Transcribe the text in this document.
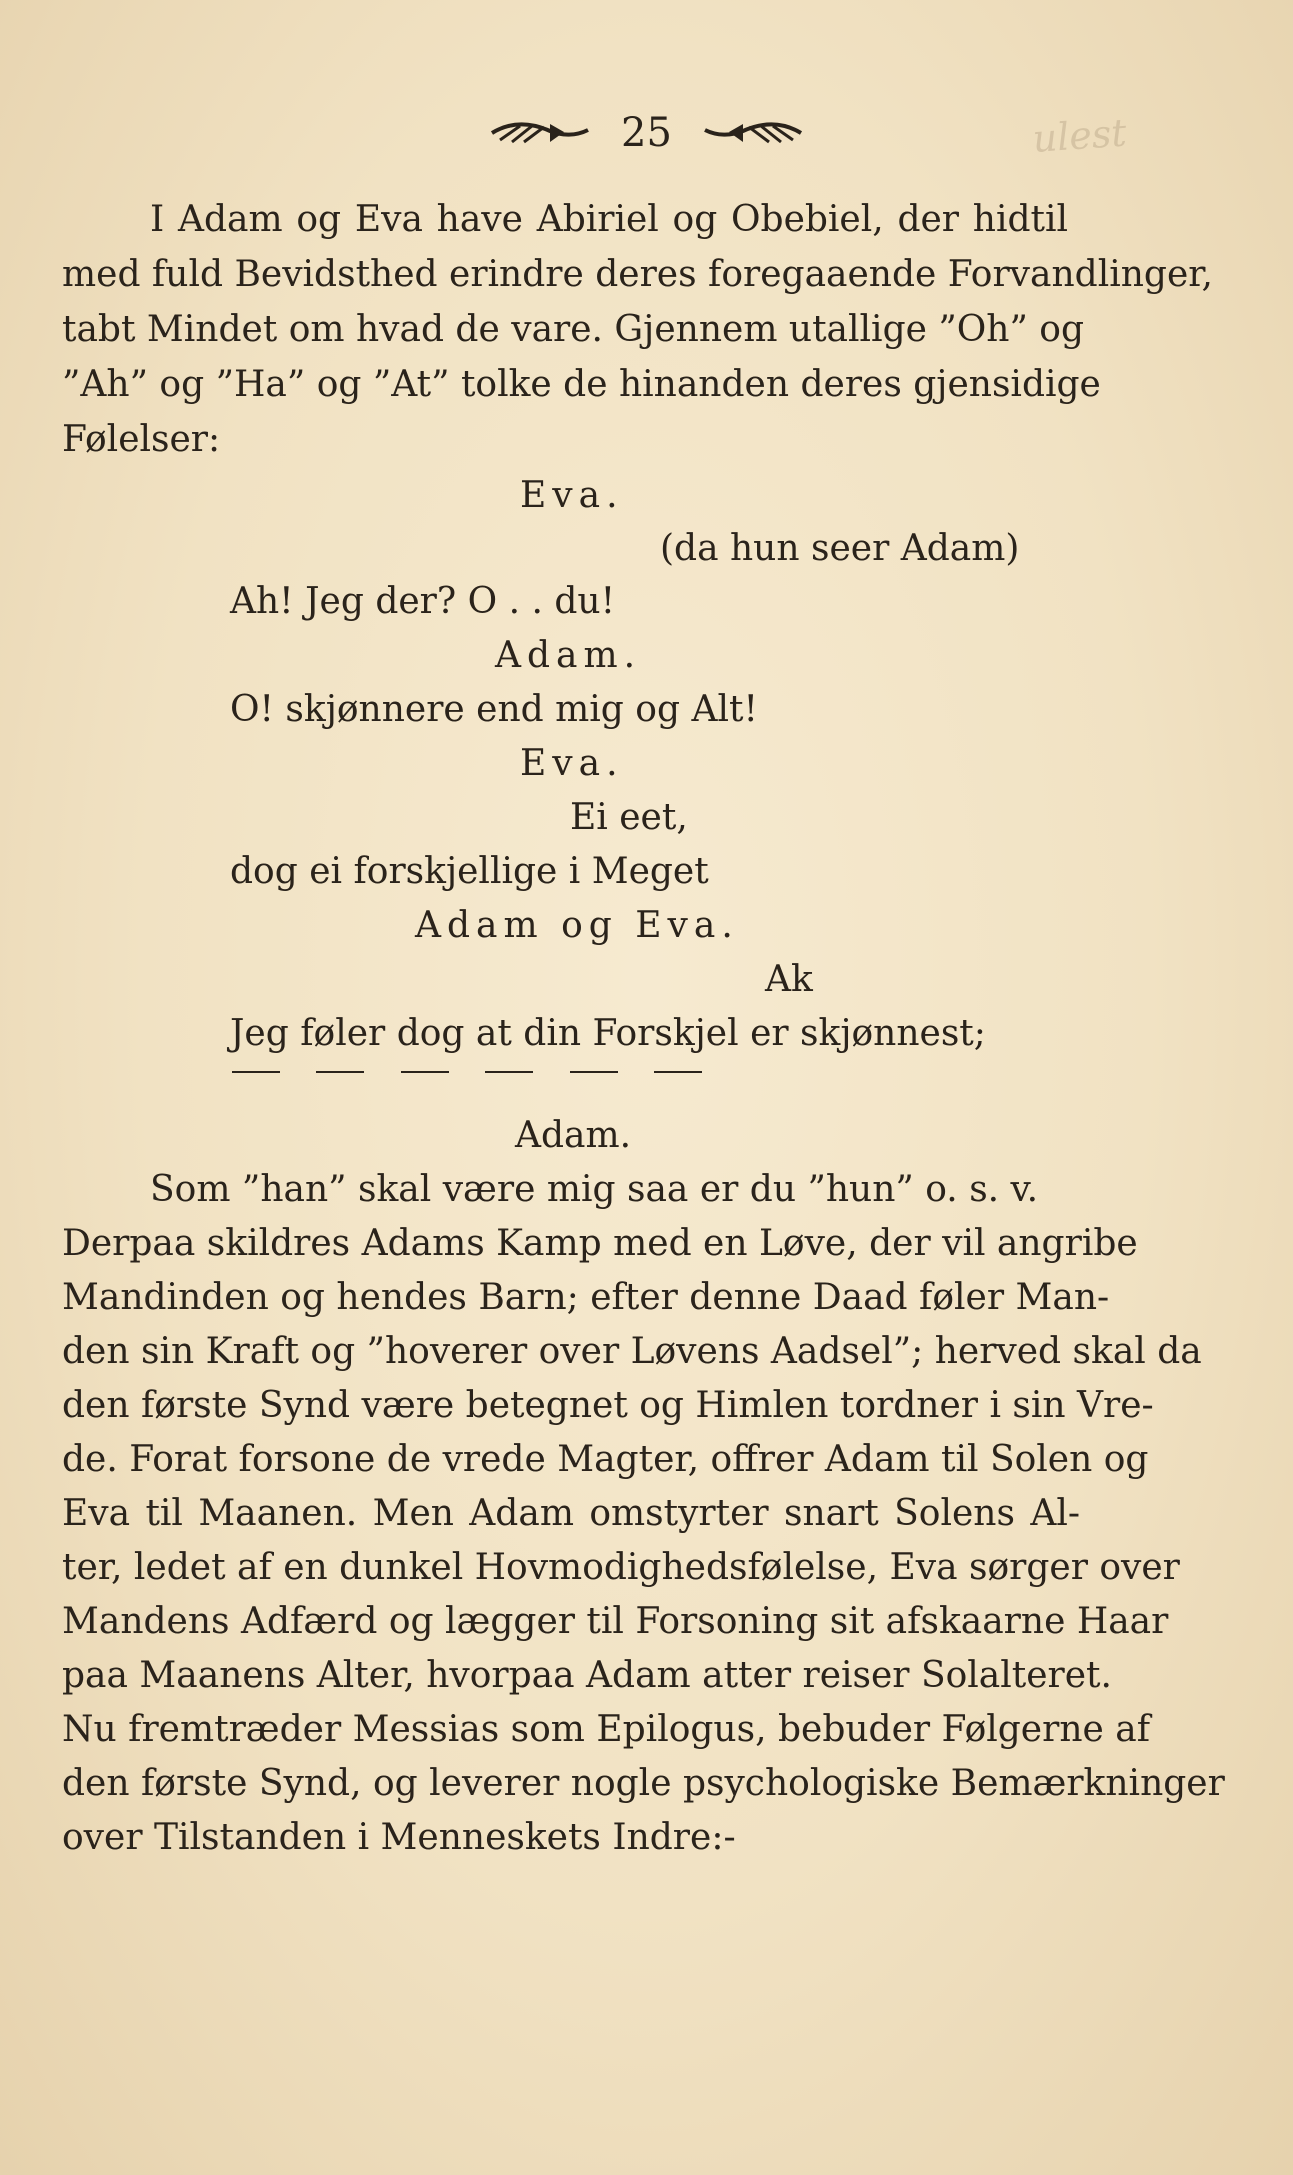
ulest
25
I Adam og Eva have Abiriel og Obebiel, der hidtil
med fuld Bevidsthed erindre deres foregaaende Forvandlinger,
tabt Mindet om hvad de vare. Gjennem utallige ”Oh” og
”Ah” og ”Ha” og ”At” tolke de hinanden deres gjensidige
Følelser:
Eva.
(da hun seer Adam)
Ah! Jeg der? O . . du!
Adam.
O! skjønnere end mig og Alt!
Eva.
Ei eet,
dog ei forskjellige i Meget
Adam og Eva.
Ak
Jeg føler dog at din Forskjel er skjønnest;
Adam.
Som ”han” skal være mig saa er du ”hun” o. s. v.
Derpaa skildres Adams Kamp med en Løve, der vil angribe
Mandinden og hendes Barn; efter denne Daad føler Man-
den sin Kraft og ”hoverer over Løvens Aadsel”; herved skal da
den første Synd være betegnet og Himlen tordner i sin Vre-
de. Forat forsone de vrede Magter, offrer Adam til Solen og
Eva til Maanen. Men Adam omstyrter snart Solens Al-
ter, ledet af en dunkel Hovmodighedsfølelse, Eva sørger over
Mandens Adfærd og lægger til Forsoning sit afskaarne Haar
paa Maanens Alter, hvorpaa Adam atter reiser Solalteret.
Nu fremtræder Messias som Epilogus, bebuder Følgerne af
den første Synd, og leverer nogle psychologiske Bemærkninger
over Tilstanden i Menneskets Indre:-
